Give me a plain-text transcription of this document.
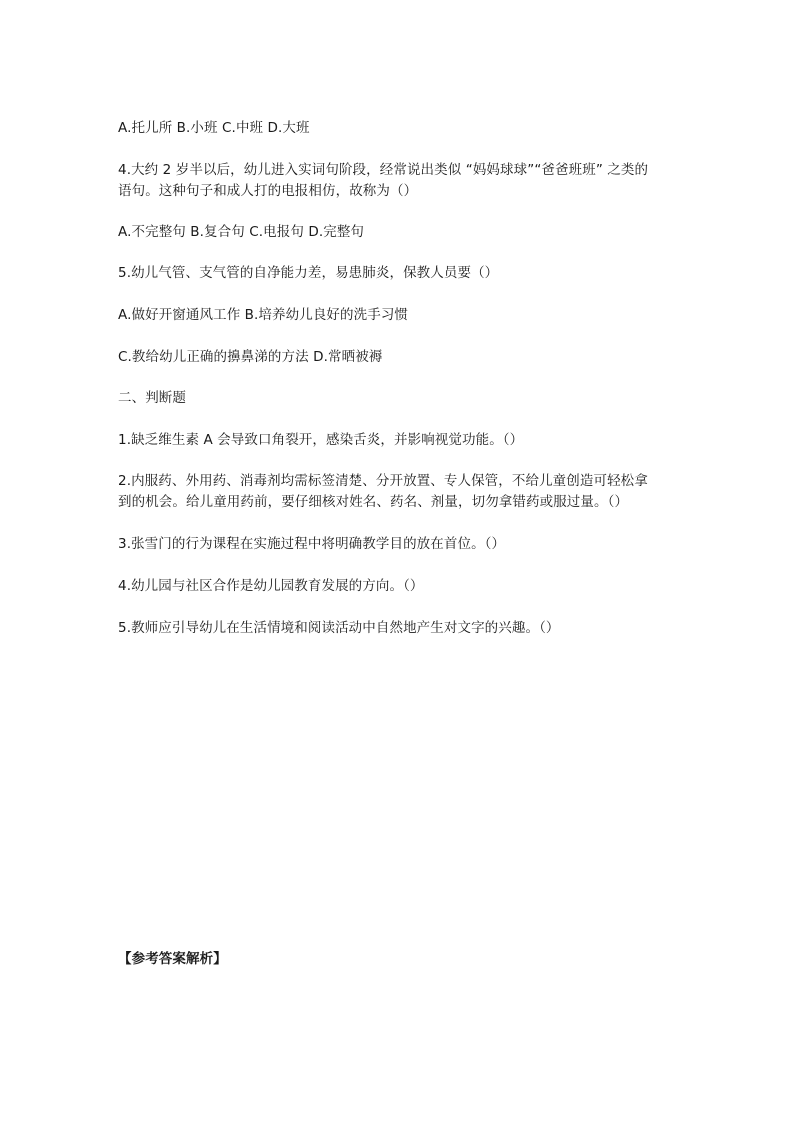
A.托儿所 B.小班 C.中班 D.大班
4.大约 2 岁半以后，幼儿进入实词句阶段，经常说出类似 “妈妈球球”“爸爸班班” 之类的
语句。这种句子和成人打的电报相仿，故称为（）
A.不完整句 B.复合句 C.电报句 D.完整句
5.幼儿气管、支气管的自净能力差，易患肺炎，保教人员要（）
A.做好开窗通风工作 B.培养幼儿良好的洗手习惯
C.教给幼儿正确的擤鼻涕的方法 D.常晒被褥
二、判断题
1.缺乏维生素 A 会导致口角裂开，感染舌炎，并影响视觉功能。（）
2.内服药、外用药、消毒剂均需标签清楚、分开放置、专人保管，不给儿童创造可轻松拿
到的机会。给儿童用药前，要仔细核对姓名、药名、剂量，切勿拿错药或服过量。（）
3.张雪门的行为课程在实施过程中将明确教学目的放在首位。（）
4.幼儿园与社区合作是幼儿园教育发展的方向。（）
5.教师应引导幼儿在生活情境和阅读活动中自然地产生对文字的兴趣。（）
【参考答案解析】
